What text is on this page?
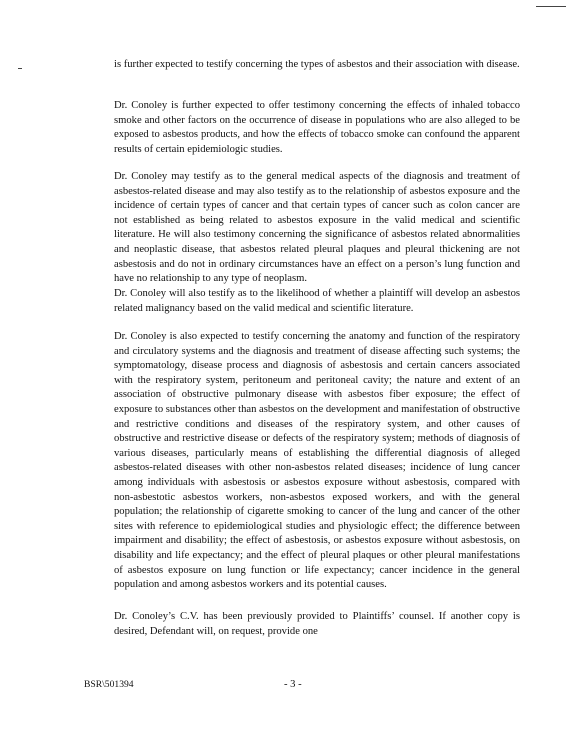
is further expected to testify concerning the types of asbestos and their association with disease.

Dr. Conoley is further expected to offer testimony concerning the effects of inhaled tobacco smoke and other factors on the occurrence of disease in populations who are also alleged to be exposed to asbestos products, and how the effects of tobacco smoke can confound the apparent results of certain epidemiologic studies.

Dr. Conoley may testify as to the general medical aspects of the diagnosis and treatment of asbestos-related disease and may also testify as to the relationship of asbestos exposure and the incidence of certain types of cancer and that certain types of cancer such as colon cancer are not established as being related to asbestos exposure in the valid medical and scientific literature. He will also testimony concerning the significance of asbestos related abnormalities and neoplastic disease, that asbestos related pleural plaques and pleural thickening are not asbestosis and do not in ordinary circumstances have an effect on a person’s lung function and have no relationship to any type of neoplasm.

Dr. Conoley will also testify as to the likelihood of whether a plaintiff will develop an asbestos related malignancy based on the valid medical and scientific literature.

Dr. Conoley is also expected to testify concerning the anatomy and function of the respiratory and circulatory systems and the diagnosis and treatment of disease affecting such systems; the symptomatology, disease process and diagnosis of asbestosis and certain cancers associated with the respiratory system, peritoneum and peritoneal cavity; the nature and extent of an association of obstructive pulmonary disease with asbestos fiber exposure; the effect of exposure to substances other than asbestos on the development and manifestation of obstructive and restrictive conditions and diseases of the respiratory system, and other causes of obstructive and restrictive disease or defects of the respiratory system; methods of diagnosis of various diseases, particularly means of establishing the differential diagnosis of alleged asbestos-related diseases with other non-asbestos related diseases; incidence of lung cancer among individuals with asbestosis or asbestos exposure without asbestosis, compared with non-asbestotic asbestos workers, non-asbestos exposed workers, and with the general population; the relationship of cigarette smoking to cancer of the lung and cancer of the other sites with reference to epidemiological studies and physiologic effect; the difference between impairment and disability; the effect of asbestosis, or asbestos exposure without asbestosis, on disability and life expectancy; and the effect of pleural plaques or other pleural manifestations of asbestos exposure on lung function or life expectancy; cancer incidence in the general population and among asbestos workers and its potential causes.

Dr. Conoley’s C.V. has been previously provided to Plaintiffs’ counsel. If another copy is desired, Defendant will, on request, provide one

BSR\501394	- 3 -
